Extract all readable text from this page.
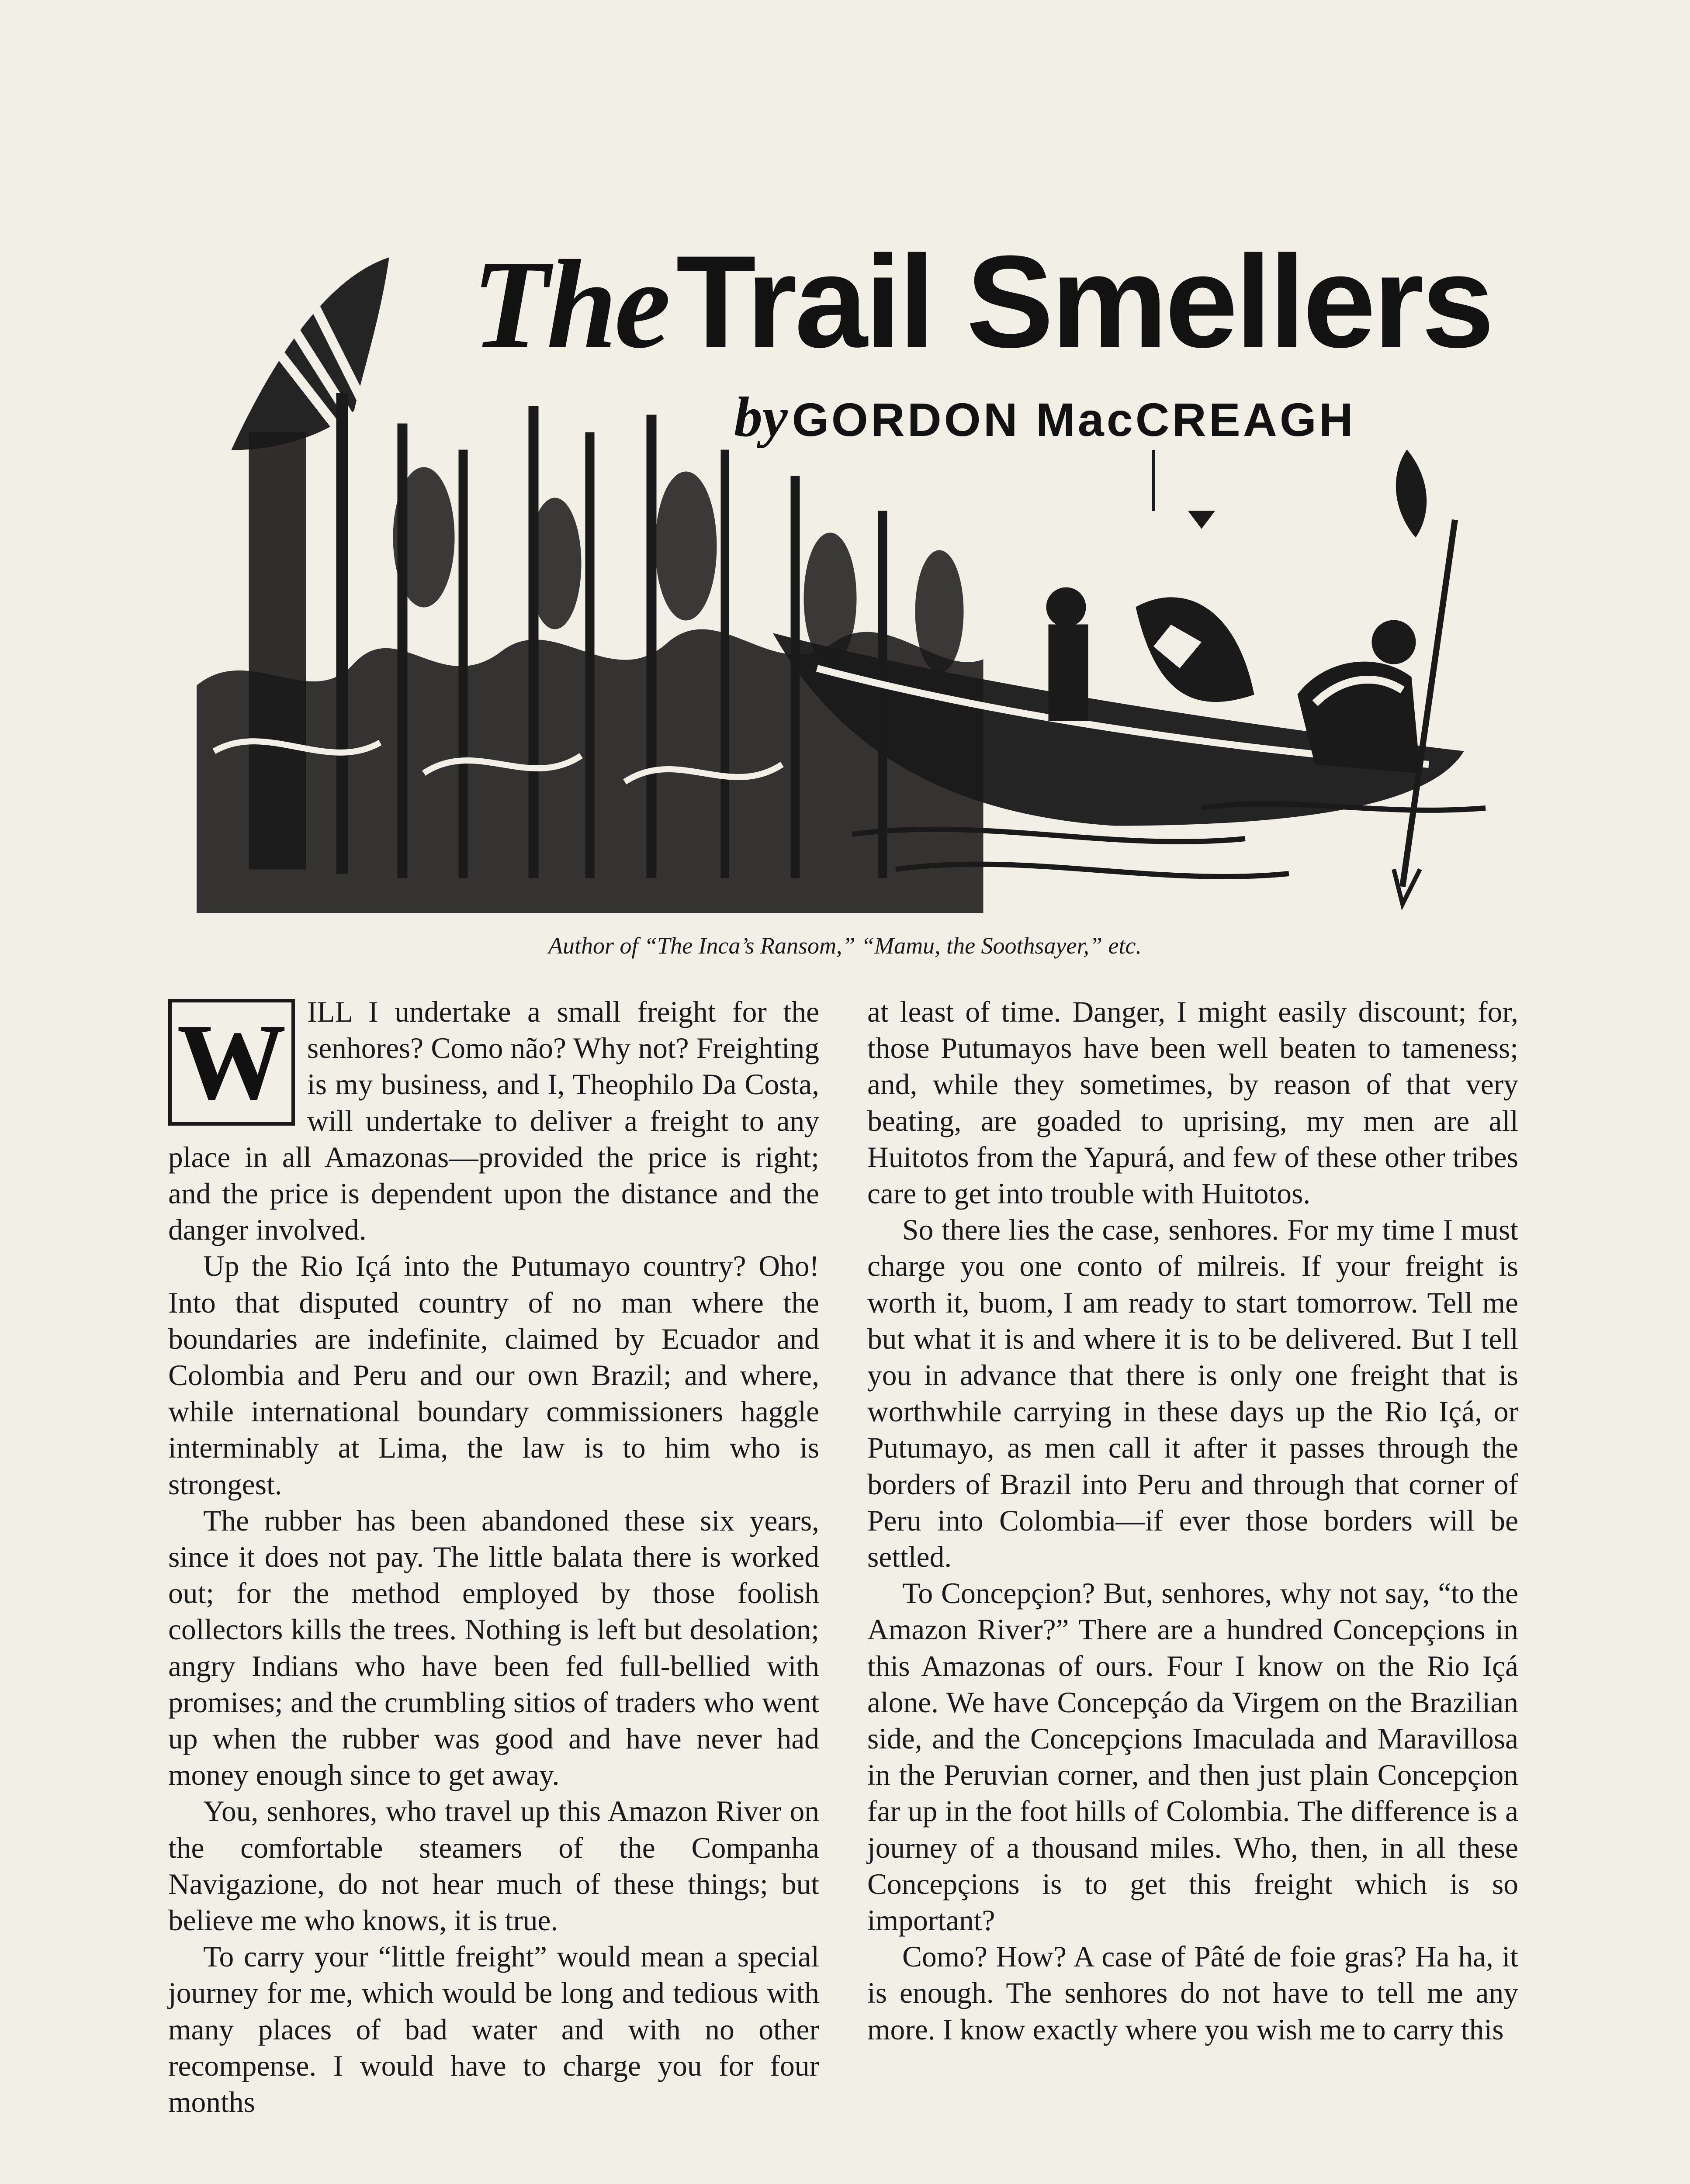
TheTrail Smellers
byGORDON MacCREAGH
Author of “The Inca’s Ransom,” “Mamu, the Soothsayer,” etc.
W ILL I undertake a small freight for the senhores? Como não? Why not? Freighting is my business, and I, Theophilo Da Costa, will undertake to deliver a freight to any place in all Amazonas—provided the price is right; and the price is dependent upon the distance and the danger involved.

Up the Rio Içá into the Putumayo country? Oho! Into that disputed country of no man where the boundaries are indefinite, claimed by Ecuador and Colombia and Peru and our own Brazil; and where, while international boundary commissioners haggle interminably at Lima, the law is to him who is strongest.

The rubber has been abandoned these six years, since it does not pay. The little balata there is worked out; for the method employed by those foolish collectors kills the trees. Nothing is left but desolation; angry Indians who have been fed full-bellied with promises; and the crumbling sitios of traders who went up when the rubber was good and have never had money enough since to get away.

You, senhores, who travel up this Amazon River on the comfortable steamers of the Companha Navigazione, do not hear much of these things; but believe me who knows, it is true.

To carry your “little freight” would mean a special journey for me, which would be long and tedious with many places of bad water and with no other recompense. I would have to charge you for four months

at least of time. Danger, I might easily discount; for, those Putumayos have been well beaten to tameness; and, while they sometimes, by reason of that very beating, are goaded to uprising, my men are all Huitotos from the Yapurá, and few of these other tribes care to get into trouble with Huitotos.

So there lies the case, senhores. For my time I must charge you one conto of milreis. If your freight is worth it, buom, I am ready to start tomorrow. Tell me but what it is and where it is to be delivered. But I tell you in advance that there is only one freight that is worthwhile carrying in these days up the Rio Içá, or Putumayo, as men call it after it passes through the borders of Brazil into Peru and through that corner of Peru into Colombia—if ever those borders will be settled.

To Concepçion? But, senhores, why not say, “to the Amazon River?” There are a hundred Concepçions in this Amazonas of ours. Four I know on the Rio Içá alone. We have Concepçáo da Virgem on the Brazilian side, and the Concepçions Imaculada and Maravillosa in the Peruvian corner, and then just plain Concepçion far up in the foot hills of Colombia. The difference is a journey of a thousand miles. Who, then, in all these Concepçions is to get this freight which is so important?

Como? How? A case of Pâté de foie gras? Ha ha, it is enough. The senhores do not have to tell me any more. I know exactly where you wish me to carry this
